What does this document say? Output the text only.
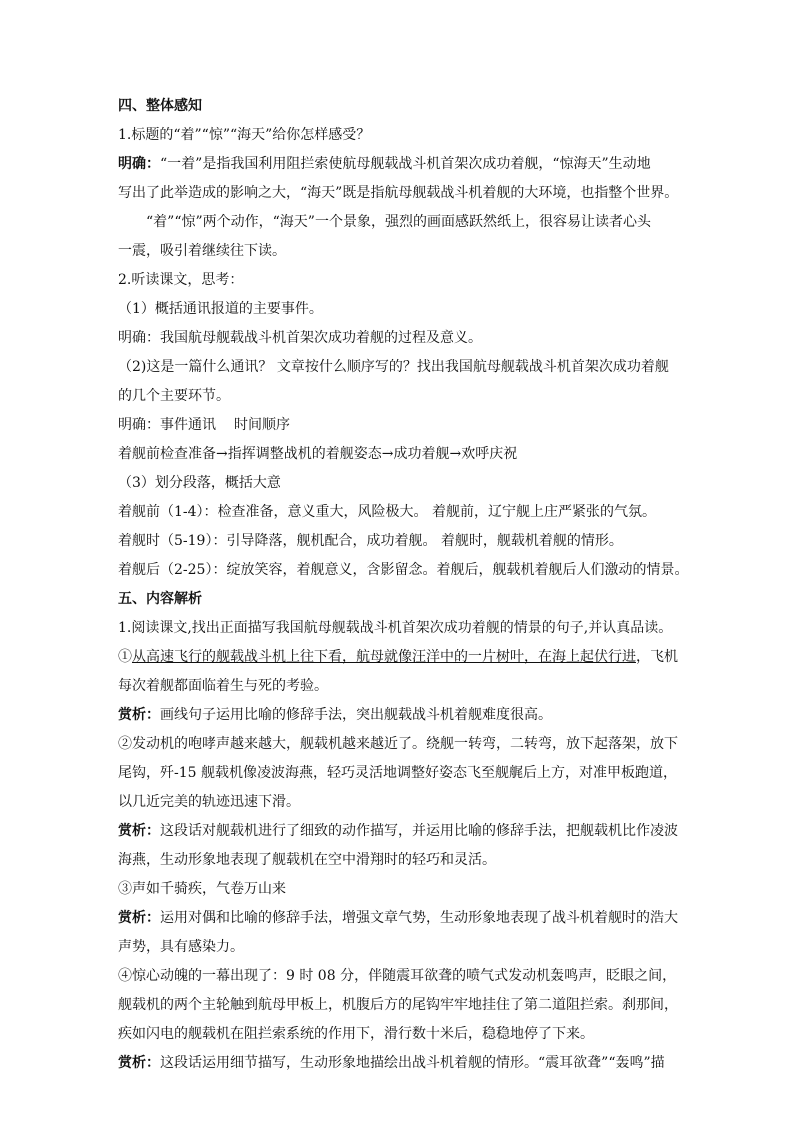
四、整体感知
1.标题的“着”“惊”“海天”给你怎样感受？
明确：“一着”是指我国利用阻拦索使航母舰载战斗机首架次成功着舰，“惊海天”生动地
写出了此举造成的影响之大，“海天”既是指航母舰载战斗机着舰的大环境，也指整个世界。
“着”“惊”两个动作，“海天”一个景象，强烈的画面感跃然纸上，很容易让读者心头
一震，吸引着继续往下读。
2.听读课文，思考：
（1）概括通讯报道的主要事件。
明确：我国航母舰载战斗机首架次成功着舰的过程及意义。
（2)这是一篇什么通讯？ 文章按什么顺序写的？找出我国航母舰载战斗机首架次成功着舰
的几个主要环节。
明确：事件通讯 时间顺序
着舰前检查准备→指挥调整战机的着舰姿态→成功着舰→欢呼庆祝
（3）划分段落，概括大意
着舰前（1-4）：检查准备，意义重大，风险极大。 着舰前，辽宁舰上庄严紧张的气氛。
着舰时（5-19）：引导降落，舰机配合，成功着舰。 着舰时，舰载机着舰的情形。
着舰后（2-25）：绽放笑容，着舰意义，含影留念。着舰后，舰载机着舰后人们激动的情景。
五、内容解析
1.阅读课文,找出正面描写我国航母舰载战斗机首架次成功着舰的情景的句子,并认真品读。
①从高速飞行的舰载战斗机上往下看，航母就像汪洋中的一片树叶，在海上起伏行进，飞机
每次着舰都面临着生与死的考验。
赏析：画线句子运用比喻的修辞手法，突出舰载战斗机着舰难度很高。
②发动机的咆哮声越来越大，舰载机越来越近了。绕舰一转弯，二转弯，放下起落架，放下
尾钩，歼-15 舰载机像凌波海燕，轻巧灵活地调整好姿态飞至舰艉后上方，对准甲板跑道，
以几近完美的轨迹迅速下滑。
赏析：这段话对舰载机进行了细致的动作描写，并运用比喻的修辞手法，把舰载机比作凌波
海燕，生动形象地表现了舰载机在空中滑翔时的轻巧和灵活。
③声如千骑疾，气卷万山来
赏析：运用对偶和比喻的修辞手法，增强文章气势，生动形象地表现了战斗机着舰时的浩大
声势，具有感染力。
④惊心动魄的一幕出现了：9 时 08 分，伴随震耳欲聋的喷气式发动机轰鸣声，眨眼之间，
舰载机的两个主轮触到航母甲板上，机腹后方的尾钩牢牢地挂住了第二道阻拦索。刹那间，
疾如闪电的舰载机在阻拦索系统的作用下，滑行数十米后，稳稳地停了下来。
赏析：这段话运用细节描写，生动形象地描绘出战斗机着舰的情形。“震耳欲聋”“轰鸣”描
